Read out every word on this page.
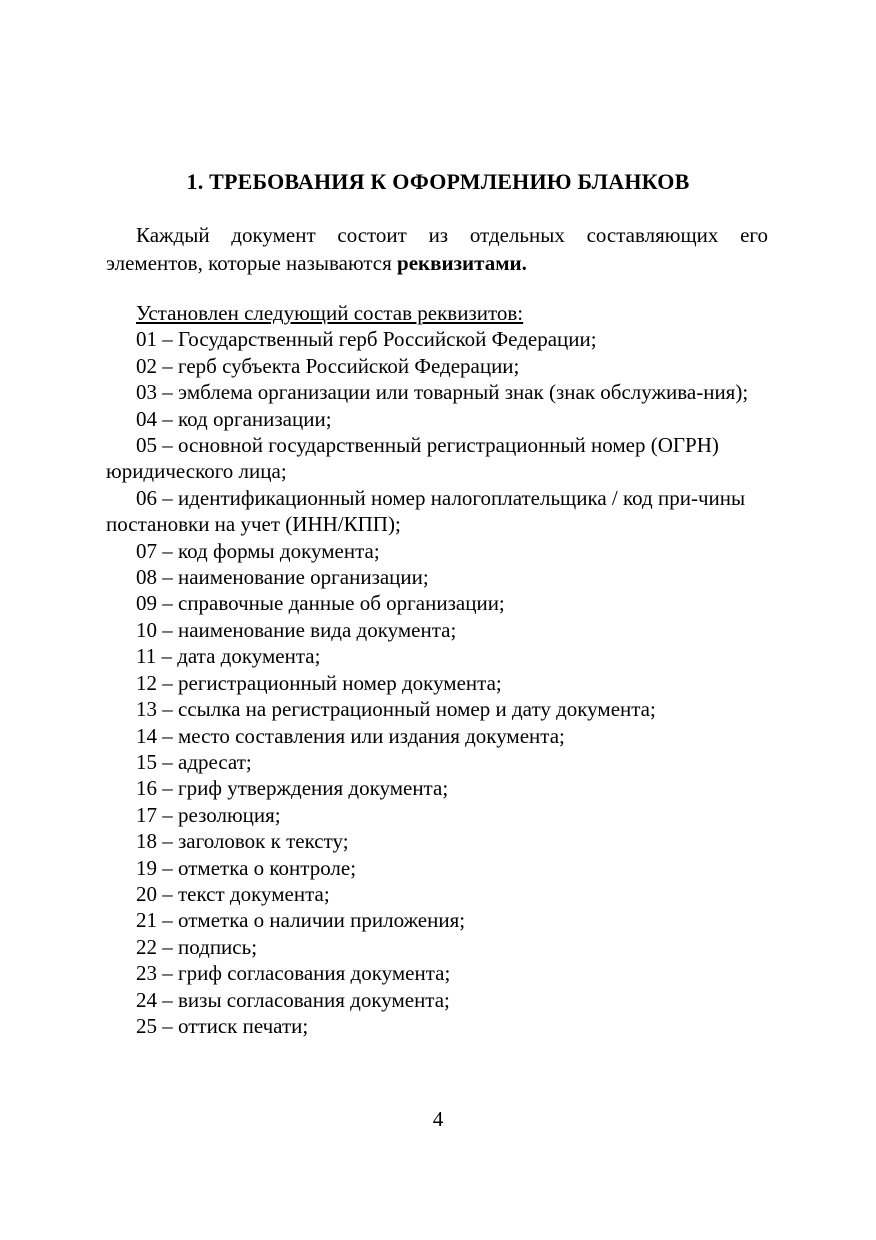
1. ТРЕБОВАНИЯ К ОФОРМЛЕНИЮ БЛАНКОВ
Каждый документ состоит из отдельных составляющих его элементов, которые называются реквизитами.
Установлен следующий состав реквизитов:
01 – Государственный герб Российской Федерации;
02 – герб субъекта Российской Федерации;
03 – эмблема организации или товарный знак (знак обслужива-ния);
04 – код организации;
05 – основной государственный регистрационный номер (ОГРН) юридического лица;
06 – идентификационный номер налогоплательщика / код при-чины постановки на учет (ИНН/КПП);
07 – код формы документа;
08 – наименование организации;
09 – справочные данные об организации;
10 – наименование вида документа;
11 – дата документа;
12 – регистрационный номер документа;
13 – ссылка на регистрационный номер и дату документа;
14 – место составления или издания документа;
15 – адресат;
16 – гриф утверждения документа;
17 – резолюция;
18 – заголовок к тексту;
19 – отметка о контроле;
20 – текст документа;
21 – отметка о наличии приложения;
22 – подпись;
23 – гриф согласования документа;
24 – визы согласования документа;
25 – оттиск печати;
4
